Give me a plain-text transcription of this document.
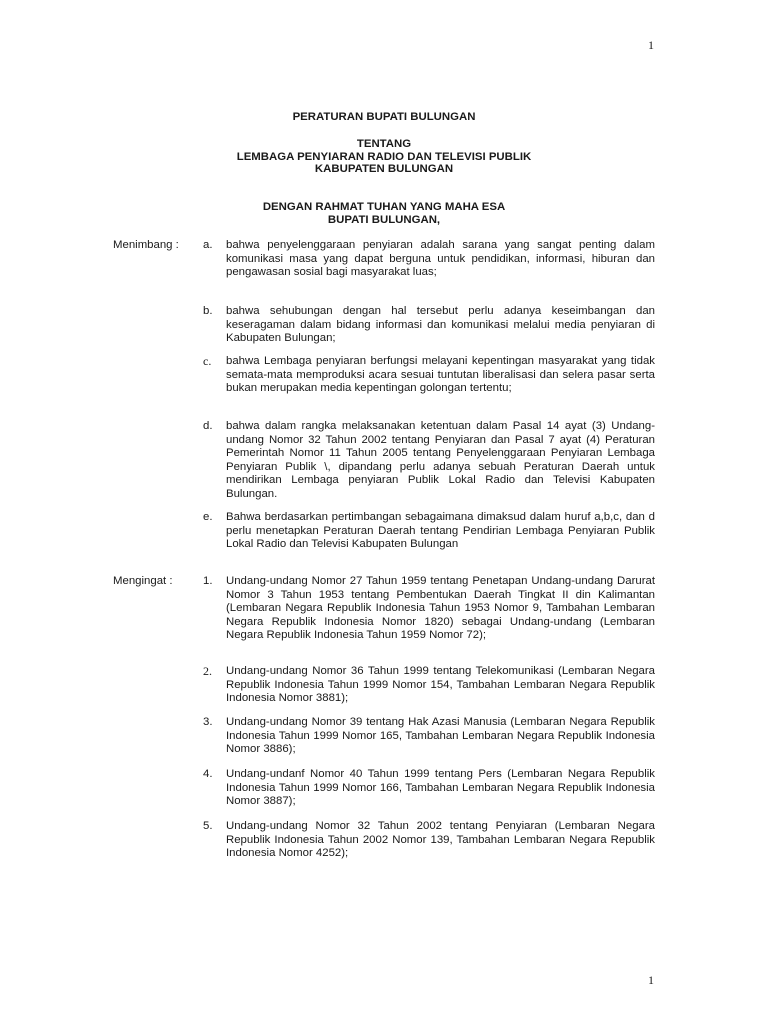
1
PERATURAN BUPATI BULUNGAN
TENTANG
LEMBAGA PENYIARAN RADIO DAN TELEVISI PUBLIK
KABUPATEN BULUNGAN
DENGAN RAHMAT TUHAN YANG MAHA ESA
BUPATI BULUNGAN,
Menimbang : a. bahwa penyelenggaraan penyiaran adalah sarana yang sangat penting dalam komunikasi masa yang dapat berguna untuk pendidikan, informasi, hiburan dan pengawasan sosial bagi masyarakat luas;
b. bahwa sehubungan dengan hal tersebut perlu adanya keseimbangan dan keseragaman dalam bidang informasi dan komunikasi melalui media penyiaran di Kabupaten Bulungan;
c. bahwa Lembaga penyiaran berfungsi melayani kepentingan masyarakat yang tidak semata-mata memproduksi acara sesuai tuntutan liberalisasi dan selera pasar serta bukan merupakan media kepentingan golongan tertentu;
d. bahwa dalam rangka melaksanakan ketentuan dalam Pasal 14 ayat (3) Undang-undang Nomor 32 Tahun 2002 tentang Penyiaran dan Pasal 7 ayat (4) Peraturan Pemerintah Nomor 11 Tahun 2005 tentang Penyelenggaraan Penyiaran Lembaga Penyiaran Publik \, dipandang perlu adanya sebuah Peraturan Daerah untuk mendirikan Lembaga penyiaran Publik Lokal Radio dan Televisi Kabupaten Bulungan.
e. Bahwa berdasarkan pertimbangan sebagaimana dimaksud dalam huruf a,b,c, dan d perlu menetapkan Peraturan Daerah tentang Pendirian Lembaga Penyiaran Publik Lokal Radio dan Televisi Kabupaten Bulungan
Mengingat :	1. Undang-undang Nomor 27 Tahun 1959 tentang Penetapan Undang-undang Darurat Nomor 3 Tahun 1953 tentang Pembentukan Daerah Tingkat II din Kalimantan (Lembaran Negara Republik Indonesia Tahun 1953 Nomor 9, Tambahan Lembaran Negara Republik Indonesia Nomor 1820) sebagai Undang-undang (Lembaran Negara Republik Indonesia Tahun 1959 Nomor 72);
2. Undang-undang Nomor 36 Tahun 1999 tentang Telekomunikasi (Lembaran Negara Republik Indonesia Tahun 1999 Nomor 154, Tambahan Lembaran Negara Republik Indonesia Nomor 3881);
3. Undang-undang Nomor 39 tentang Hak Azasi Manusia (Lembaran Negara Republik Indonesia Tahun 1999 Nomor 165, Tambahan Lembaran Negara Republik Indonesia Nomor 3886);
4. Undang-undanf Nomor 40 Tahun 1999 tentang Pers (Lembaran Negara Republik Indonesia Tahun 1999 Nomor 166, Tambahan Lembaran Negara Republik Indonesia Nomor 3887);
5. Undang-undang Nomor 32 Tahun 2002 tentang Penyiaran (Lembaran Negara Republik Indonesia Tahun 2002 Nomor 139, Tambahan Lembaran Negara Republik Indonesia Nomor 4252);
1
